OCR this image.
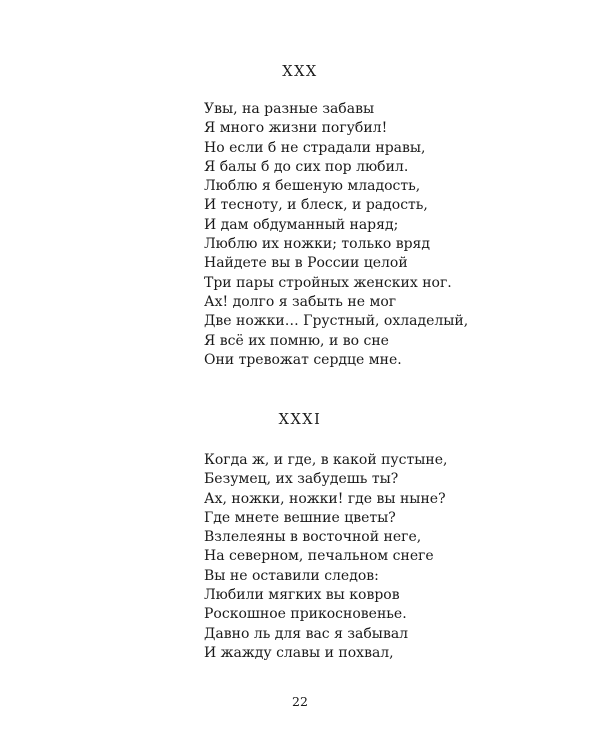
XXX
Увы, на разные забавы
Я много жизни погубил!
Но если б не страдали нравы,
Я балы б до сих пор любил.
Люблю я бешеную младость,
И тесноту, и блеск, и радость,
И дам обдуманный наряд;
Люблю их ножки; только вряд
Найдете вы в России целой
Три пары стройных женских ног.
Ах! долго я забыть не мог
Две ножки… Грустный, охладелый,
Я всё их помню, и во сне
Они тревожат сердце мне.
XXXI
Когда ж, и где, в какой пустыне,
Безумец, их забудешь ты?
Ах, ножки, ножки! где вы ныне?
Где мнете вешние цветы?
Взлелеяны в восточной неге,
На северном, печальном снеге
Вы не оставили следов:
Любили мягких вы ковров
Роскошное прикосновенье.
Давно ль для вас я забывал
И жажду славы и похвал,
22
